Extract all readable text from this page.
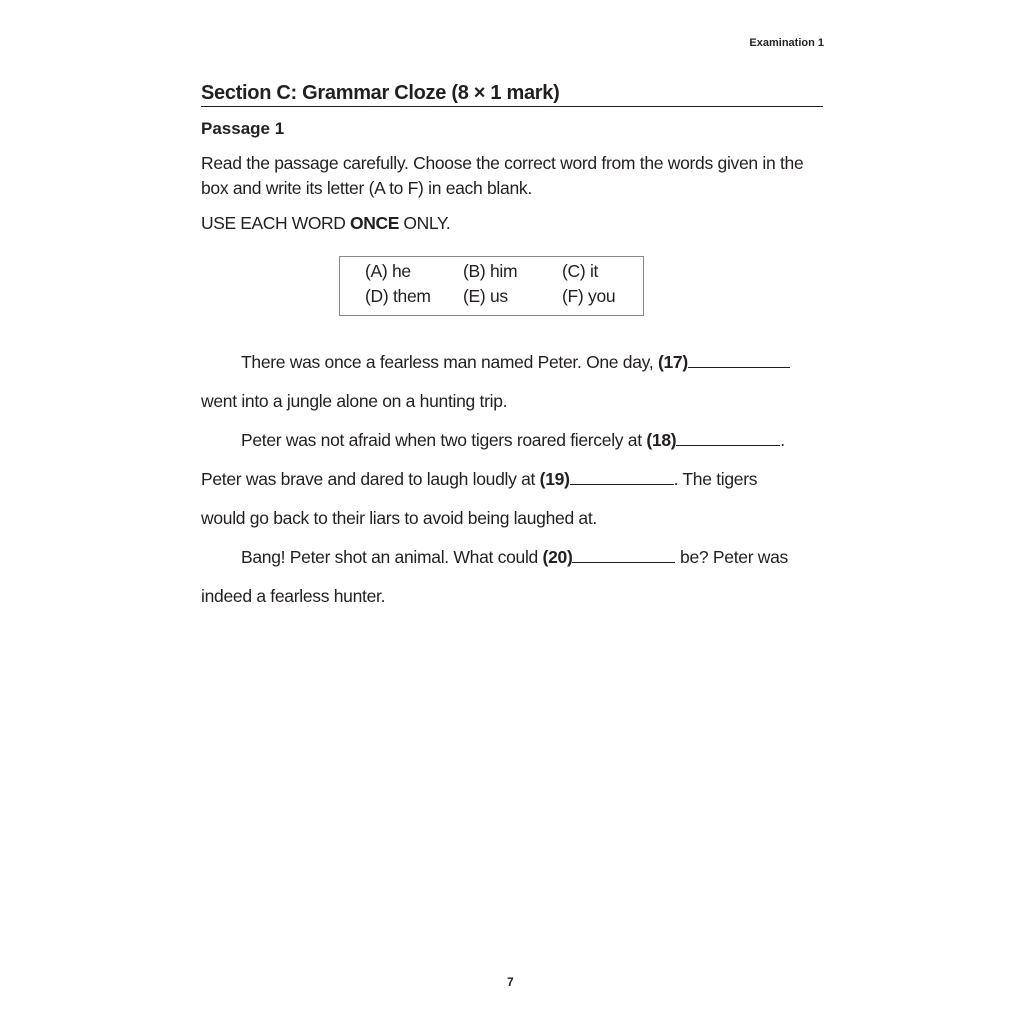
Examination 1
Section C: Grammar Cloze (8 × 1 mark)
Passage 1
Read the passage carefully. Choose the correct word from the words given in the box and write its letter (A to F) in each blank.
USE EACH WORD ONCE ONLY.
(A) he	(B) him	(C) it
(D) them	(E) us	(F) you
There was once a fearless man named Peter. One day, (17)
went into a jungle alone on a hunting trip.
Peter was not afraid when two tigers roared fiercely at (18)	.
Peter was brave and dared to laugh loudly at (19)	. The tigers
would go back to their liars to avoid being laughed at.
Bang! Peter shot an animal. What could (20)	be? Peter was
indeed a fearless hunter.
7
